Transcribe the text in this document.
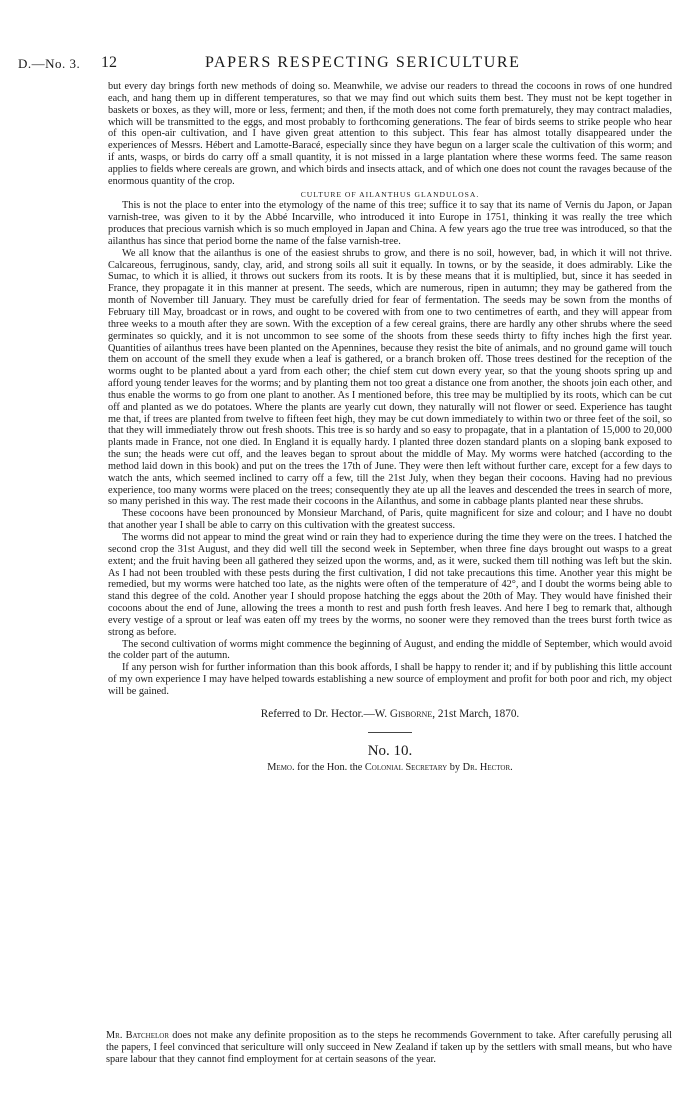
D.—No. 3. 12	PAPERS RESPECTING SERICULTURE

but every day brings forth new methods of doing so. Meanwhile, we advise our readers to thread the cocoons in rows of one hundred each, and hang them up in different temperatures, so that we may find out which suits them best. They must not be kept together in baskets or boxes, as they will, more or less, ferment; and then, if the moth does not come forth prematurely, they may contract maladies, which will be transmitted to the eggs, and most probably to forthcoming generations. The fear of birds seems to strike people who hear of this open-air cultivation, and I have given great attention to this subject. This fear has almost totally disappeared under the experiences of Messrs. Hébert and Lamotte-Baracé, especially since they have begun on a larger scale the cultivation of this worm; and if ants, wasps, or birds do carry off a small quantity, it is not missed in a large plantation where these worms feed. The same reason applies to fields where cereals are grown, and which birds and insects attack, and of which one does not count the ravages because of the enormous quantity of the crop.

CULTURE OF AILANTHUS GLANDULOSA.

This is not the place to enter into the etymology of the name of this tree; suffice it to say that its name of Vernis du Japon, or Japan varnish-tree, was given to it by the Abbé Incarville, who introduced it into Europe in 1751, thinking it was really the tree which produces that precious varnish which is so much employed in Japan and China. A few years ago the true tree was introduced, so that the ailanthus has since that period borne the name of the false varnish-tree.

We all know that the ailanthus is one of the easiest shrubs to grow, and there is no soil, however, bad, in which it will not thrive. Calcareous, ferruginous, sandy, clay, arid, and strong soils all suit it equally. In towns, or by the seaside, it does admirably. Like the Sumac, to which it is allied, it throws out suckers from its roots. It is by these means that it is multiplied, but, since it has seeded in France, they propagate it in this manner at present. The seeds, which are numerous, ripen in autumn; they may be gathered from the month of November till January. They must be carefully dried for fear of fermentation. The seeds may be sown from the months of February till May, broadcast or in rows, and ought to be covered with from one to two centimetres of earth, and they will appear from three weeks to a mouth after they are sown. With the exception of a few cereal grains, there are hardly any other shrubs where the seed germinates so quickly, and it is not uncommon to see some of the shoots from these seeds thirty to fifty inches high the first year. Quantities of ailanthus trees have been planted on the Apennines, because they resist the bite of animals, and no ground game will touch them on account of the smell they exude when a leaf is gathered, or a branch broken off. Those trees destined for the reception of the worms ought to be planted about a yard from each other; the chief stem cut down every year, so that the young shoots spring up and afford young tender leaves for the worms; and by planting them not too great a distance one from another, the shoots join each other, and thus enable the worms to go from one plant to another. As I mentioned before, this tree may be multiplied by its roots, which can be cut off and planted as we do potatoes. Where the plants are yearly cut down, they naturally will not flower or seed. Experience has taught me that, if trees are planted from twelve to fifteen feet high, they may be cut down immediately to within two or three feet of the soil, so that they will immediately throw out fresh shoots. This tree is so hardy and so easy to propagate, that in a plantation of 15,000 to 20,000 plants made in France, not one died. In England it is equally hardy. I planted three dozen standard plants on a sloping bank exposed to the sun; the heads were cut off, and the leaves began to sprout about the middle of May. My worms were hatched (according to the method laid down in this book) and put on the trees the 17th of June. They were then left without further care, except for a few days to watch the ants, which seemed inclined to carry off a few, till the 21st July, when they began their cocoons. Having had no previous experience, too many worms were placed on the trees; consequently they ate up all the leaves and descended the trees in search of more, so many perished in this way. The rest made their cocoons in the Ailanthus, and some in cabbage plants planted near these shrubs.

These cocoons have been pronounced by Monsieur Marchand, of Paris, quite magnificent for size and colour; and I have no doubt that another year I shall be able to carry on this cultivation with the greatest success.

The worms did not appear to mind the great wind or rain they had to experience during the time they were on the trees. I hatched the second crop the 31st August, and they did well till the second week in September, when three fine days brought out wasps to a great extent; and the fruit having been all gathered they seized upon the worms, and, as it were, sucked them till nothing was left but the skin. As I had not been troubled with these pests during the first cultivation, I did not take precautions this time. Another year this might be remedied, but my worms were hatched too late, as the nights were often of the temperature of 42°, and I doubt the worms being able to stand this degree of the cold. Another year I should propose hatching the eggs about the 20th of May. They would have finished their cocoons about the end of June, allowing the trees a month to rest and push forth fresh leaves. And here I beg to remark that, although every vestige of a sprout or leaf was eaten off my trees by the worms, no sooner were they removed than the trees burst forth twice as strong as before.

The second cultivation of worms might commence the beginning of August, and ending the middle of September, which would avoid the colder part of the autumn.

If any person wish for further information than this book affords, I shall be happy to render it; and if by publishing this little account of my own experience I may have helped towards establishing a new source of employment and profit for both poor and rich, my object will be gained.

Referred to Dr. Hector.—W. Gisborne, 21st March, 1870.
No. 10.
Memo. for the Hon. the Colonial Secretary by Dr. Hector.

Mr. Batchelor does not make any definite proposition as to the steps he recommends Government to take. After carefully perusing all the papers, I feel convinced that sericulture will only succeed in New Zealand if taken up by the settlers with small means, but who have spare labour that they cannot find employment for at certain seasons of the year.
